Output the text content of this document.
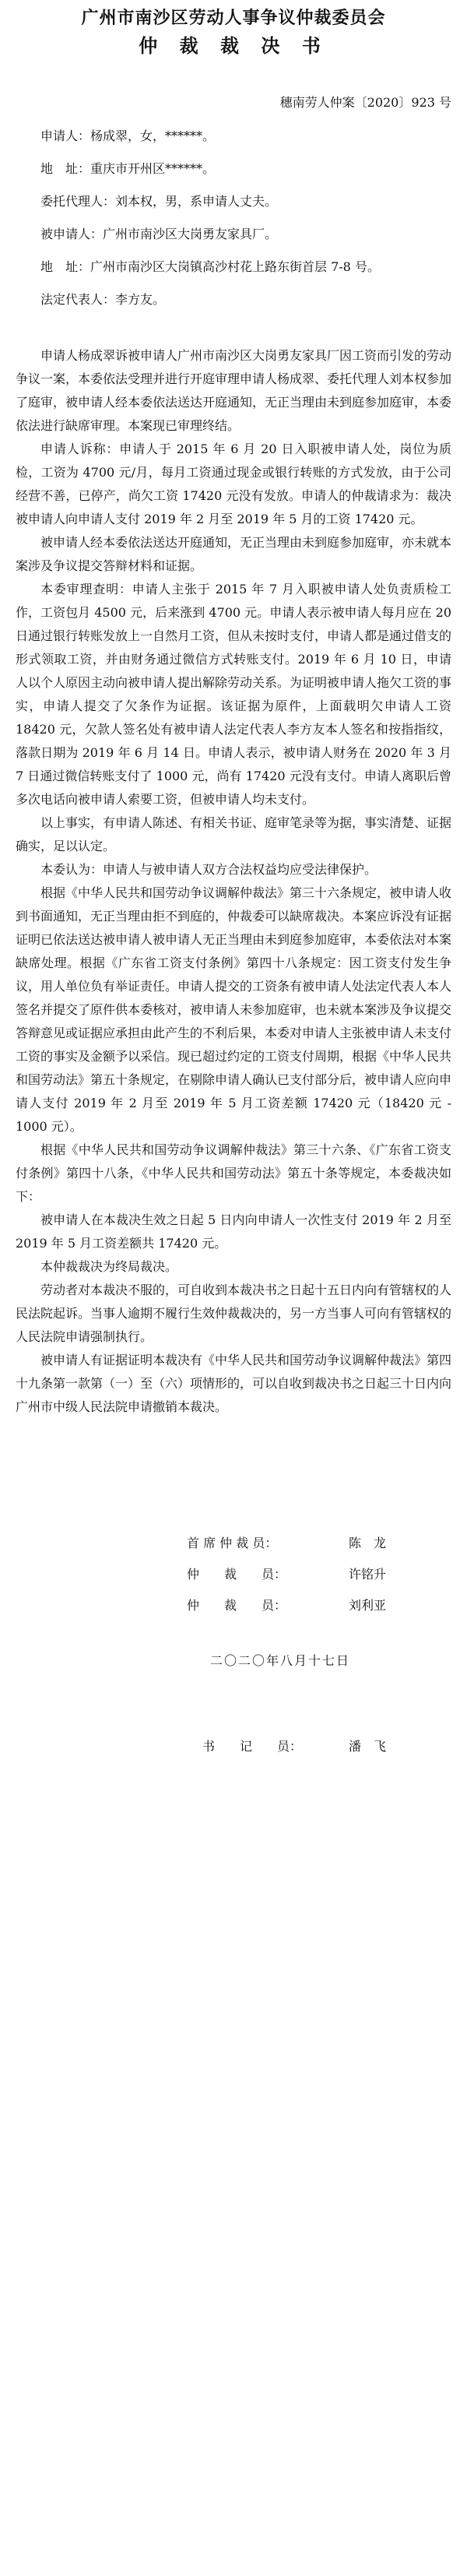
广州市南沙区劳动人事争议仲裁委员会
仲 裁 裁 决 书
穗南劳人仲案〔2020〕923 号

申请人：杨成翠，女，******。

地　址：重庆市开州区******。

委托代理人：刘本权，男，系申请人丈夫。

被申请人：广州市南沙区大岗勇友家具厂。

地　址：广州市南沙区大岗镇高沙村花上路东街首层 7-8 号。

法定代表人：李方友。

申请人杨成翠诉被申请人广州市南沙区大岗勇友家具厂因工资而引发的劳动争议一案，本委依法受理并进行开庭审理申请人杨成翠、委托代理人刘本权参加了庭审，被申请人经本委依法送达开庭通知，无正当理由未到庭参加庭审，本委依法进行缺席审理。本案现已审理终结。

申请人诉称：申请人于 2015 年 6 月 20 日入职被申请人处，岗位为质检，工资为 4700 元/月，每月工资通过现金或银行转账的方式发放，由于公司经营不善，已停产，尚欠工资 17420 元没有发放。申请人的仲裁请求为：裁决被申请人向申请人支付 2019 年 2 月至 2019 年 5 月的工资 17420 元。

被申请人经本委依法送达开庭通知，无正当理由未到庭参加庭审，亦未就本案涉及争议提交答辩材料和证据。

本委审理查明：申请人主张于 2015 年 7 月入职被申请人处负责质检工作，工资包月 4500 元，后来涨到 4700 元。申请人表示被申请人每月应在 20 日通过银行转账发放上一自然月工资，但从未按时支付，申请人都是通过借支的形式领取工资，并由财务通过微信方式转账支付。2019 年 6 月 10 日，申请人以个人原因主动向被申请人提出解除劳动关系。为证明被申请人拖欠工资的事实，申请人提交了欠条作为证据。该证据为原件，上面载明欠申请人工资 18420 元，欠款人签名处有被申请人法定代表人李方友本人签名和按指指纹，落款日期为 2019 年 6 月 14 日。申请人表示，被申请人财务在 2020 年 3 月 7 日通过微信转账支付了 1000 元，尚有 17420 元没有支付。申请人离职后曾多次电话向被申请人索要工资，但被申请人均未支付。

以上事实，有申请人陈述、有相关书证、庭审笔录等为据，事实清楚、证据确实，足以认定。

本委认为：申请人与被申请人双方合法权益均应受法律保护。

根据《中华人民共和国劳动争议调解仲裁法》第三十六条规定，被申请人收到书面通知，无正当理由拒不到庭的，仲裁委可以缺席裁决。本案应诉没有证据证明已依法送达被申请人被申请人无正当理由未到庭参加庭审，本委依法对本案缺席处理。根据《广东省工资支付条例》第四十八条规定：因工资支付发生争议，用人单位负有举证责任。申请人提交的工资条有被申请人处法定代表人本人签名并提交了原件供本委核对，被申请人未参加庭审，也未就本案涉及争议提交答辩意见或证据应承担由此产生的不利后果，本委对申请人主张被申请人未支付工资的事实及金额予以采信。现已超过约定的工资支付周期，根据《中华人民共和国劳动法》第五十条规定，在剔除申请人确认已支付部分后，被申请人应向申请人支付 2019 年 2 月至 2019 年 5 月工资差额 17420 元（18420 元 - 1000 元）。

根据《中华人民共和国劳动争议调解仲裁法》第三十六条、《广东省工资支付条例》第四十八条，《中华人民共和国劳动法》第五十条等规定，本委裁决如下：

被申请人在本裁决生效之日起 5 日内向申请人一次性支付 2019 年 2 月至 2019 年 5 月工资差额共 17420 元。

本仲裁裁决为终局裁决。

劳动者对本裁决不服的，可自收到本裁决书之日起十五日内向有管辖权的人民法院起诉。当事人逾期不履行生效仲裁裁决的，另一方当事人可向有管辖权的人民法院申请强制执行。

被申请人有证据证明本裁决有《中华人民共和国劳动争议调解仲裁法》第四十九条第一款第（一）至（六）项情形的，可以自收到裁决书之日起三十日内向广州市中级人民法院申请撤销本裁决。

首 席 仲 裁 员：	陈　龙
仲　　裁　　员：	许铭升
仲　　裁　　员：	刘利亚
二〇二〇年八月十七日
书　　记　　员：	潘　飞
